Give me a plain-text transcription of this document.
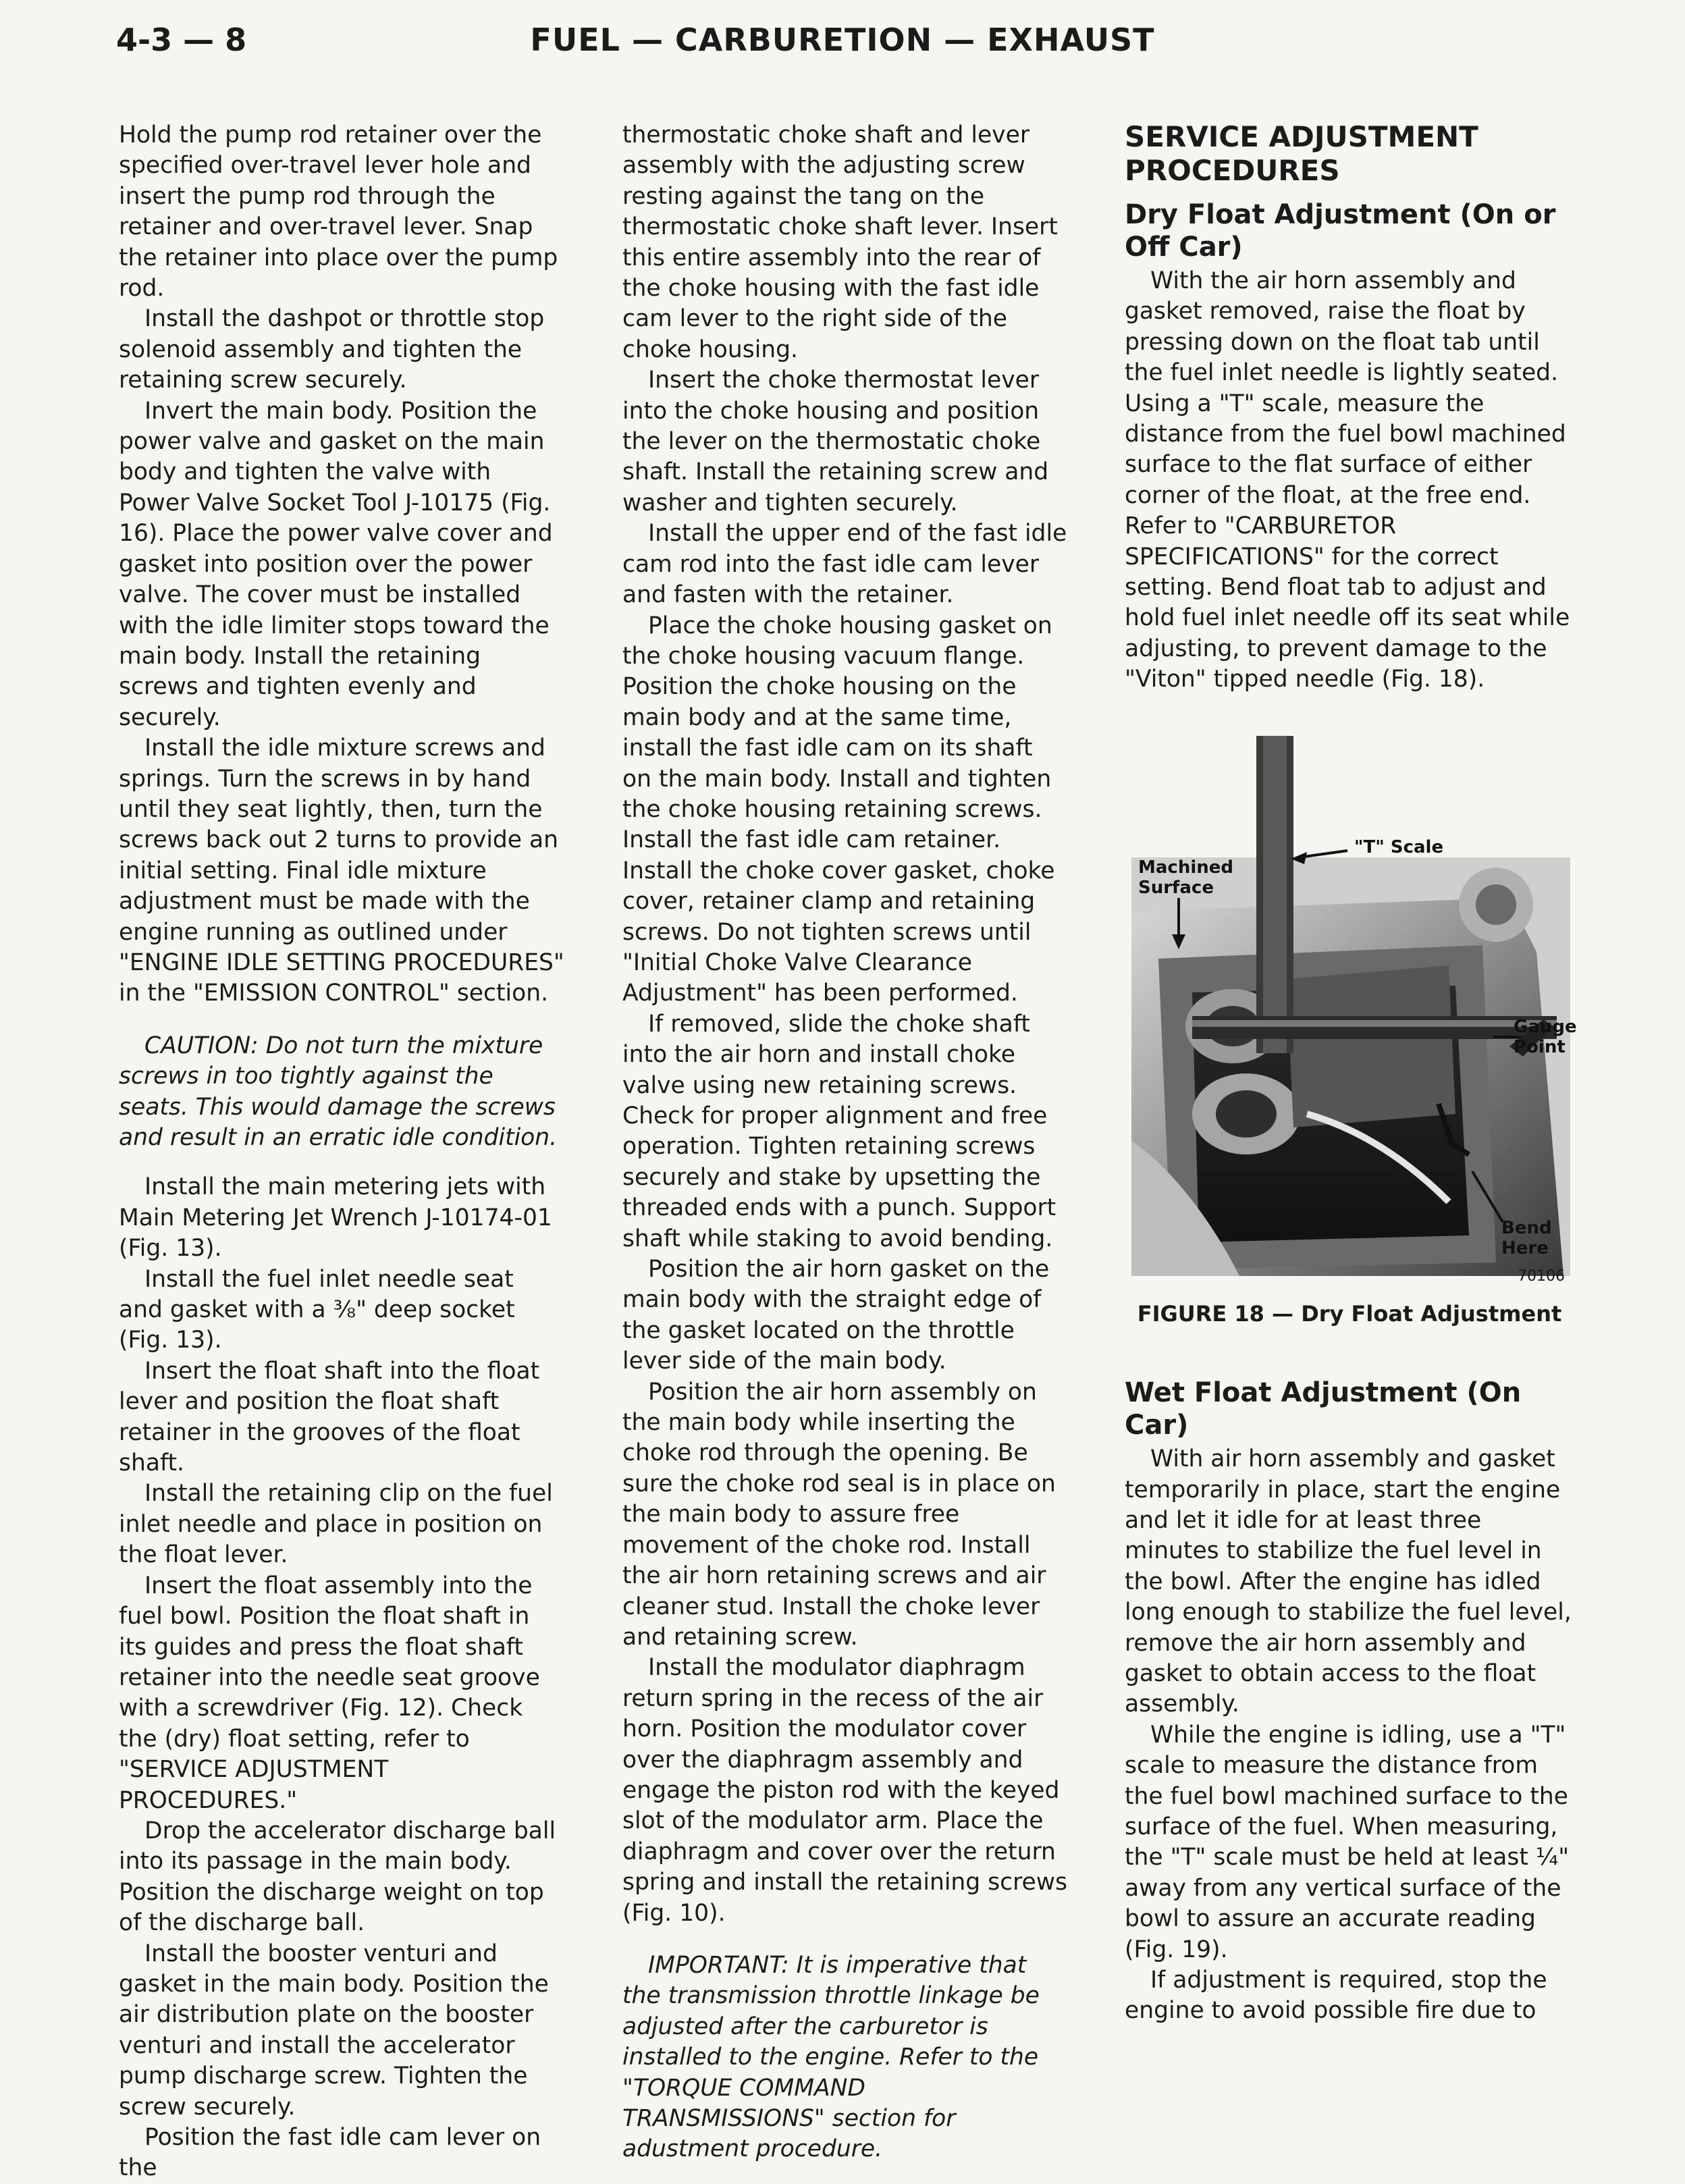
4-3 — 8	FUEL — CARBURETION — EXHAUST

Hold the pump rod retainer over the specified over-travel lever hole and insert the pump rod through the retainer and over-travel lever. Snap the retainer into place over the pump rod.

Install the dashpot or throttle stop solenoid assembly and tighten the retaining screw securely.

Invert the main body. Position the power valve and gasket on the main body and tighten the valve with Power Valve Socket Tool J-10175 (Fig. 16). Place the power valve cover and gasket into position over the power valve. The cover must be installed with the idle limiter stops toward the main body. Install the retaining screws and tighten evenly and securely.

Install the idle mixture screws and springs. Turn the screws in by hand until they seat lightly, then, turn the screws back out 2 turns to provide an initial setting. Final idle mixture adjustment must be made with the engine running as outlined under "ENGINE IDLE SETTING PROCEDURES" in the "EMISSION CONTROL" section.

CAUTION: Do not turn the mixture screws in too tightly against the seats. This would damage the screws and result in an erratic idle condition.

Install the main metering jets with Main Metering Jet Wrench J-10174-01 (Fig. 13).

Install the fuel inlet needle seat and gasket with a ⅜" deep socket (Fig. 13).

Insert the float shaft into the float lever and position the float shaft retainer in the grooves of the float shaft.

Install the retaining clip on the fuel inlet needle and place in position on the float lever.

Insert the float assembly into the fuel bowl. Position the float shaft in its guides and press the float shaft retainer into the needle seat groove with a screwdriver (Fig. 12). Check the (dry) float setting, refer to "SERVICE ADJUSTMENT PROCEDURES."

Drop the accelerator discharge ball into its passage in the main body. Position the discharge weight on top of the discharge ball.

Install the booster venturi and gasket in the main body. Position the air distribution plate on the booster venturi and install the accelerator pump discharge screw. Tighten the screw securely.

Position the fast idle cam lever on the

thermostatic choke shaft and lever assembly with the adjusting screw resting against the tang on the thermostatic choke shaft lever. Insert this entire assembly into the rear of the choke housing with the fast idle cam lever to the right side of the choke housing.

Insert the choke thermostat lever into the choke housing and position the lever on the thermostatic choke shaft. Install the retaining screw and washer and tighten securely.

Install the upper end of the fast idle cam rod into the fast idle cam lever and fasten with the retainer.

Place the choke housing gasket on the choke housing vacuum flange. Position the choke housing on the main body and at the same time, install the fast idle cam on its shaft on the main body. Install and tighten the choke housing retaining screws. Install the fast idle cam retainer. Install the choke cover gasket, choke cover, retainer clamp and retaining screws. Do not tighten screws until "Initial Choke Valve Clearance Adjustment" has been performed.

If removed, slide the choke shaft into the air horn and install choke valve using new retaining screws. Check for proper alignment and free operation. Tighten retaining screws securely and stake by upsetting the threaded ends with a punch. Support shaft while staking to avoid bending.

Position the air horn gasket on the main body with the straight edge of the gasket located on the throttle lever side of the main body.

Position the air horn assembly on the main body while inserting the choke rod through the opening. Be sure the choke rod seal is in place on the main body to assure free movement of the choke rod. Install the air horn retaining screws and air cleaner stud. Install the choke lever and retaining screw.

Install the modulator diaphragm return spring in the recess of the air horn. Position the modulator cover over the diaphragm assembly and engage the piston rod with the keyed slot of the modulator arm. Place the diaphragm and cover over the return spring and install the retaining screws (Fig. 10).

IMPORTANT: It is imperative that the transmission throttle linkage be adjusted after the carburetor is installed to the engine. Refer to the "TORQUE COMMAND TRANSMISSIONS" section for adustment procedure.

SERVICE ADJUSTMENT PROCEDURES
Dry Float Adjustment (On or Off Car)

With the air horn assembly and gasket removed, raise the float by pressing down on the float tab until the fuel inlet needle is lightly seated. Using a "T" scale, measure the distance from the fuel bowl machined surface to the flat surface of either corner of the float, at the free end. Refer to "CARBURETOR SPECIFICATIONS" for the correct setting. Bend float tab to adjust and hold fuel inlet needle off its seat while adjusting, to prevent damage to the "Viton" tipped needle (Fig. 18).

"T" Scale
Machined Surface
Gauge Point
Bend Here
70106
FIGURE 18 — Dry Float Adjustment
Wet Float Adjustment (On Car)

With air horn assembly and gasket temporarily in place, start the engine and let it idle for at least three minutes to stabilize the fuel level in the bowl. After the engine has idled long enough to stabilize the fuel level, remove the air horn assembly and gasket to obtain access to the float assembly.

While the engine is idling, use a "T" scale to measure the distance from the fuel bowl machined surface to the surface of the fuel. When measuring, the "T" scale must be held at least ¼" away from any vertical surface of the bowl to assure an accurate reading (Fig. 19).

If adjustment is required, stop the engine to avoid possible fire due to
